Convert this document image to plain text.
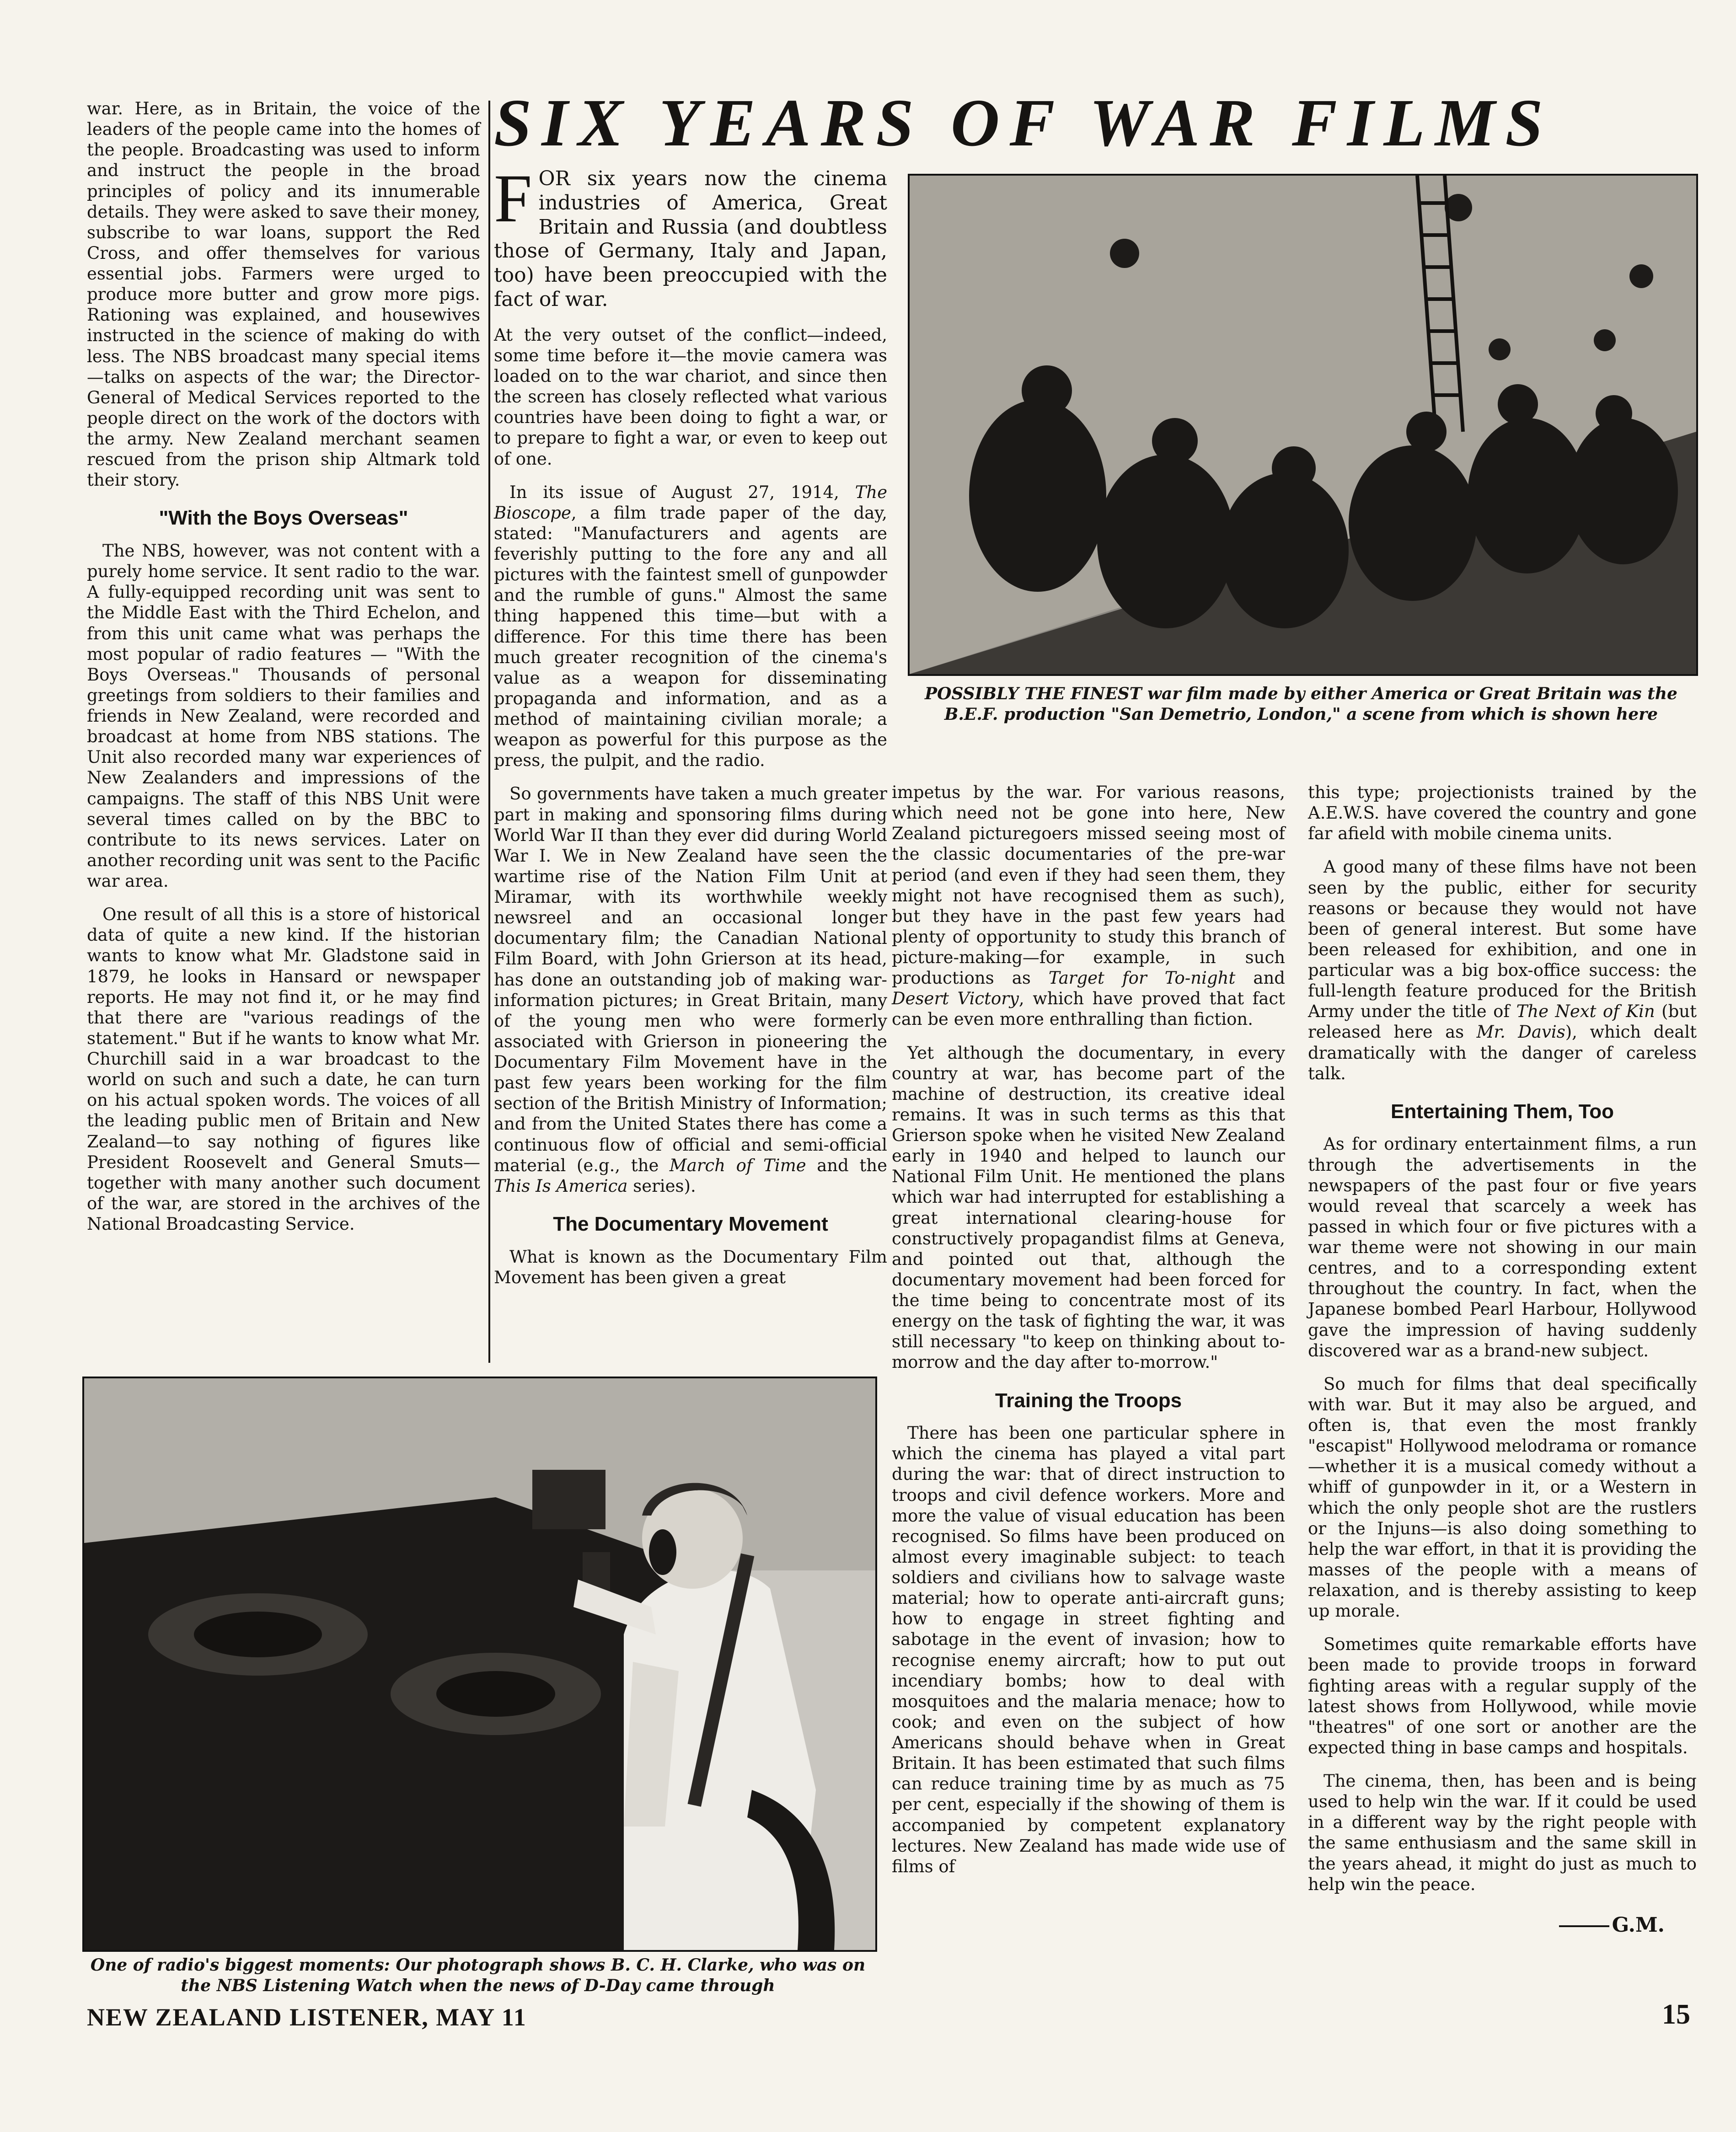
SIX YEARS OF WAR FILMS

war. Here, as in Britain, the voice of the leaders of the people came into the homes of the people. Broadcasting was used to inform and instruct the people in the broad principles of policy and its innumerable details. They were asked to save their money, subscribe to war loans, support the Red Cross, and offer themselves for various essential jobs. Farmers were urged to produce more butter and grow more pigs. Rationing was explained, and housewives instructed in the science of making do with less. The NBS broadcast many special items —talks on aspects of the war; the Director-General of Medical Services reported to the people direct on the work of the doctors with the army. New Zealand merchant seamen rescued from the prison ship Altmark told their story.

"With the Boys Overseas"

The NBS, however, was not content with a purely home service. It sent radio to the war. A fully-equipped recording unit was sent to the Middle East with the Third Echelon, and from this unit came what was perhaps the most popular of radio features — "With the Boys Overseas." Thousands of personal greetings from soldiers to their families and friends in New Zealand, were recorded and broadcast at home from NBS stations. The Unit also recorded many war experiences of New Zealanders and impressions of the campaigns. The staff of this NBS Unit were several times called on by the BBC to contribute to its news services. Later on another recording unit was sent to the Pacific war area.

One result of all this is a store of historical data of quite a new kind. If the historian wants to know what Mr. Gladstone said in 1879, he looks in Hansard or newspaper reports. He may not find it, or he may find that there are "various readings of the statement." But if he wants to know what Mr. Churchill said in a war broadcast to the world on such and such a date, he can turn on his actual spoken words. The voices of all the leading public men of Britain and New Zealand—to say nothing of figures like President Roosevelt and General Smuts—together with many another such document of the war, are stored in the archives of the National Broadcasting Service.

FOR six years now the cinema industries of America, Great Britain and Russia (and doubtless those of Germany, Italy and Japan, too) have been preoccupied with the fact of war.

At the very outset of the conflict—indeed, some time before it—the movie camera was loaded on to the war chariot, and since then the screen has closely reflected what various countries have been doing to fight a war, or to prepare to fight a war, or even to keep out of one.

In its issue of August 27, 1914, The Bioscope, a film trade paper of the day, stated: "Manufacturers and agents are feverishly putting to the fore any and all pictures with the faintest smell of gunpowder and the rumble of guns." Almost the same thing happened this time—but with a difference. For this time there has been much greater recognition of the cinema's value as a weapon for disseminating propaganda and information, and as a method of maintaining civilian morale; a weapon as powerful for this purpose as the press, the pulpit, and the radio.

So governments have taken a much greater part in making and sponsoring films during World War II than they ever did during World War I. We in New Zealand have seen the wartime rise of the Nation Film Unit at Miramar, with its worthwhile weekly newsreel and an occasional longer documentary film; the Canadian National Film Board, with John Grierson at its head, has done an outstanding job of making war-information pictures; in Great Britain, many of the young men who were formerly associated with Grierson in pioneering the Documentary Film Movement have in the past few years been working for the film section of the British Ministry of Information; and from the United States there has come a continuous flow of official and semi-official material (e.g., the March of Time and the This Is America series).

The Documentary Movement

What is known as the Documentary Film Movement has been given a great

POSSIBLY THE FINEST war film made by either America or Great Britain was the B.E.F. production "San Demetrio, London," a scene from which is shown here

impetus by the war. For various reasons, which need not be gone into here, New Zealand picturegoers missed seeing most of the classic documentaries of the pre-war period (and even if they had seen them, they might not have recognised them as such), but they have in the past few years had plenty of opportunity to study this branch of picture-making—for example, in such productions as Target for To-night and Desert Victory, which have proved that fact can be even more enthralling than fiction.

Yet although the documentary, in every country at war, has become part of the machine of destruction, its creative ideal remains. It was in such terms as this that Grierson spoke when he visited New Zealand early in 1940 and helped to launch our National Film Unit. He mentioned the plans which war had interrupted for establishing a great international clearing-house for constructively propagandist films at Geneva, and pointed out that, although the documentary movement had been forced for the time being to concentrate most of its energy on the task of fighting the war, it was still necessary "to keep on thinking about to-morrow and the day after to-morrow."

Training the Troops

There has been one particular sphere in which the cinema has played a vital part during the war: that of direct instruction to troops and civil defence workers. More and more the value of visual education has been recognised. So films have been produced on almost every imaginable subject: to teach soldiers and civilians how to salvage waste material; how to operate anti-aircraft guns; how to engage in street fighting and sabotage in the event of invasion; how to recognise enemy aircraft; how to put out incendiary bombs; how to deal with mosquitoes and the malaria menace; how to cook; and even on the subject of how Americans should behave when in Great Britain. It has been estimated that such films can reduce training time by as much as 75 per cent, especially if the showing of them is accompanied by competent explanatory lectures. New Zealand has made wide use of films of

this type; projectionists trained by the A.E.W.S. have covered the country and gone far afield with mobile cinema units.

A good many of these films have not been seen by the public, either for security reasons or because they would not have been of general interest. But some have been released for exhibition, and one in particular was a big box-office success: the full-length feature produced for the British Army under the title of The Next of Kin (but released here as Mr. Davis), which dealt dramatically with the danger of careless talk.

Entertaining Them, Too

As for ordinary entertainment films, a run through the advertisements in the newspapers of the past four or five years would reveal that scarcely a week has passed in which four or five pictures with a war theme were not showing in our main centres, and to a corresponding extent throughout the country. In fact, when the Japanese bombed Pearl Harbour, Hollywood gave the impression of having suddenly discovered war as a brand-new subject.

So much for films that deal specifically with war. But it may also be argued, and often is, that even the most frankly "escapist" Hollywood melodrama or romance—whether it is a musical comedy without a whiff of gunpowder in it, or a Western in which the only people shot are the rustlers or the Injuns—is also doing something to help the war effort, in that it is providing the masses of the people with a means of relaxation, and is thereby assisting to keep up morale.

Sometimes quite remarkable efforts have been made to provide troops in forward fighting areas with a regular supply of the latest shows from Hollywood, while movie "theatres" of one sort or another are the expected thing in base camps and hospitals.

The cinema, then, has been and is being used to help win the war. If it could be used in a different way by the right people with the same enthusiasm and the same skill in the years ahead, it might do just as much to help win the peace.

G.M.
One of radio's biggest moments: Our photograph shows B. C. H. Clarke, who was on the NBS Listening Watch when the news of D-Day came through
NEW ZEALAND LISTENER, MAY 11	15
